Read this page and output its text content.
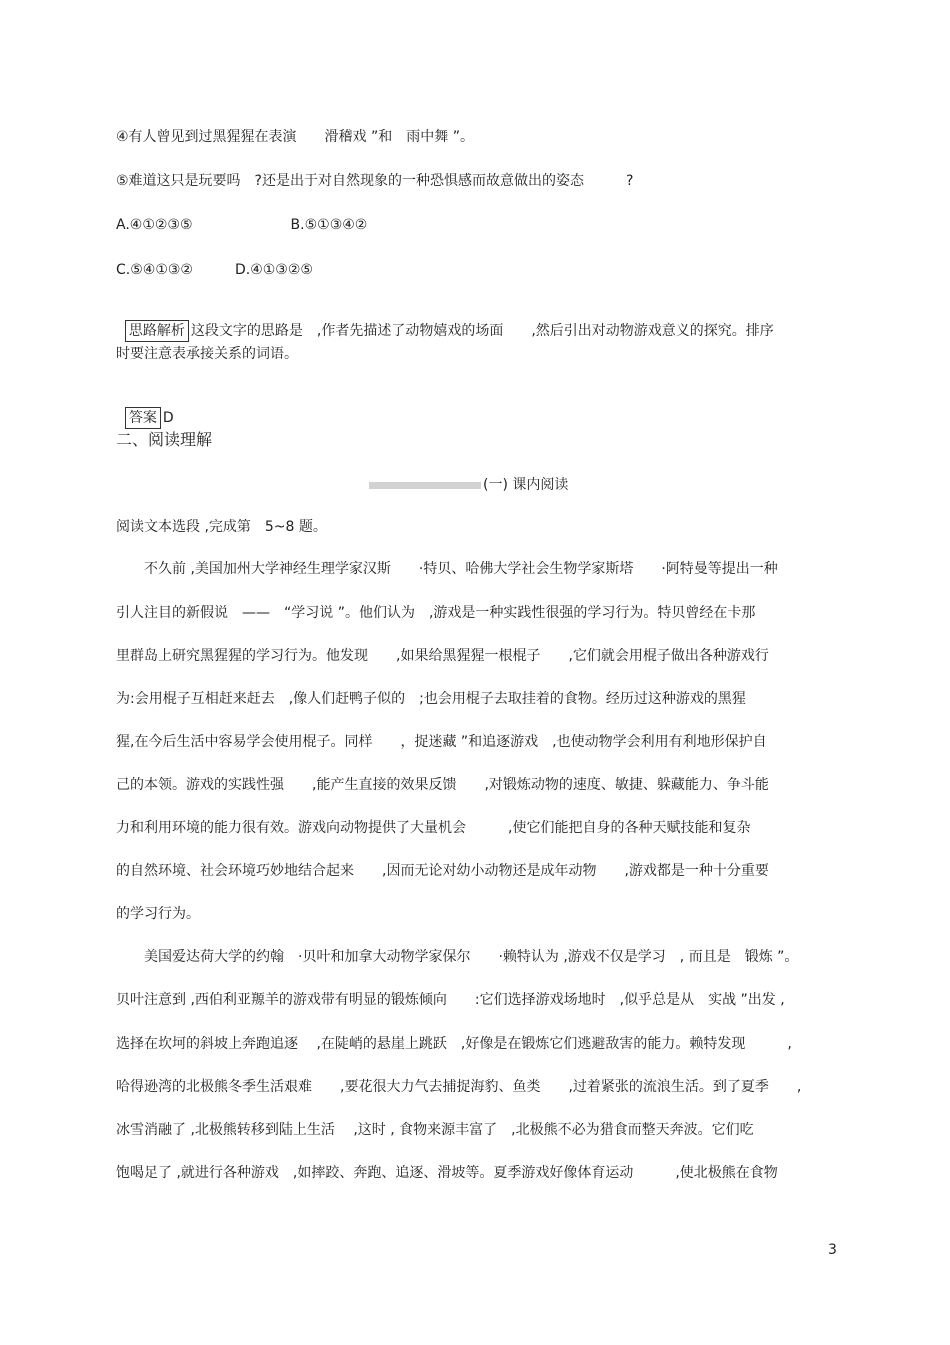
④有人曾见到过黑猩猩在表演　　滑稽戏 ”和　雨中舞 ”。
⑤难道这只是玩要吗　?还是出于对自然现象的一种恐惧感而故意做出的姿态　　　?
A.④①②③⑤　　　　　　　B.⑤①③④②
C.⑤④①③②　　　D.④①③②⑤

思路解析 这段文字的思路是　,作者先描述了动物嬉戏的场面　　,然后引出对动物游戏意义的探究。排序

时要注意表承接关系的词语。

答案 D

二、阅读理解
(一) 课内阅读
阅读文本选段 ,完成第　5~8 题。
　　不久前 ,美国加州大学神经生理学家汉斯　　·特贝、哈佛大学社会生物学家斯塔　　·阿特曼等提出一种
引人注目的新假说　——　“学习说 ”。他们认为　,游戏是一种实践性很强的学习行为。特贝曾经在卡那
里群岛上研究黑猩猩的学习行为。他发现　　,如果给黑猩猩一根棍子　　,它们就会用棍子做出各种游戏行
为:会用棍子互相赶来赶去　,像人们赶鸭子似的　;也会用棍子去取挂着的食物。经历过这种游戏的黑猩
猩,在今后生活中容易学会使用棍子。同样　　，捉迷藏 ”和追逐游戏　,也使动物学会利用有利地形保护自
己的本领。游戏的实践性强　　,能产生直接的效果反馈　　,对锻炼动物的速度、敏捷、躲藏能力、争斗能
力和利用环境的能力很有效。游戏向动物提供了大量机会　　　,使它们能把自身的各种天赋技能和复杂
的自然环境、社会环境巧妙地结合起来　　,因而无论对幼小动物还是成年动物　　,游戏都是一种十分重要
的学习行为。
　　美国爱达荷大学的约翰　·贝叶和加拿大动物学家保尔　　·赖特认为 ,游戏不仅是学习　, 而且是　锻炼 ”。
贝叶注意到 ,西伯利亚羱羊的游戏带有明显的锻炼倾向　　:它们选择游戏场地时　,似乎总是从　实战 ”出发 ,
选择在坎坷的斜坡上奔跑追逐　 ,在陡峭的悬崖上跳跃　,好像是在锻炼它们逃避敌害的能力。赖特发现　　　,
哈得逊湾的北极熊冬季生活艰难　　,要花很大力气去捕捉海豹、鱼类　　,过着紧张的流浪生活。到了夏季　　,
冰雪消融了 ,北极熊转移到陆上生活　 ,这时 , 食物来源丰富了　,北极熊不必为猎食而整天奔波。它们吃
饱喝足了 ,就进行各种游戏　,如摔跤、奔跑、追逐、滑坡等。夏季游戏好像体育运动　　　,使北极熊在食物
3
